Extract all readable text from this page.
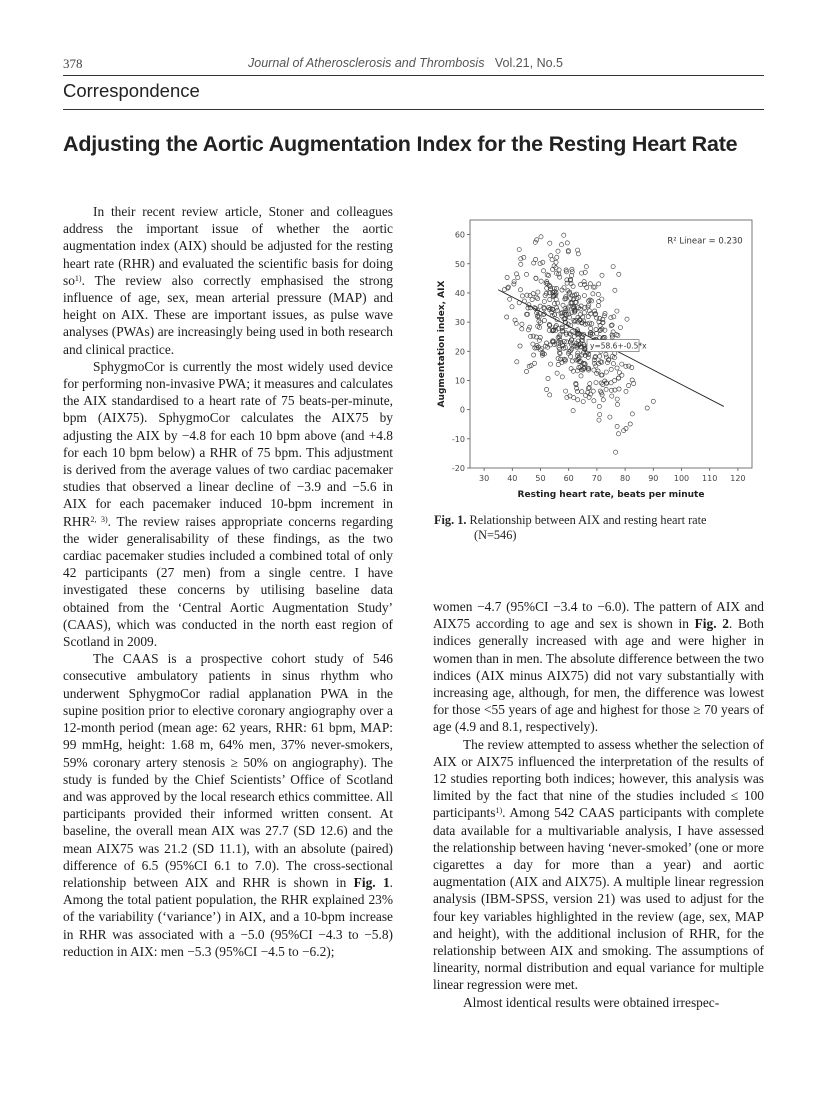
378	Journal of Atherosclerosis and Thrombosis Vol.21, No.5
Correspondence
Adjusting the Aortic Augmentation Index for the Resting Heart Rate

In their recent review article, Stoner and colleagues address the important issue of whether the aortic augmentation index (AIX) should be adjusted for the resting heart rate (RHR) and evaluated the scientific basis for doing so$^{1)}$. The review also correctly emphasised the strong influence of age, sex, mean arterial pressure (MAP) and height on AIX. These are important issues, as pulse wave analyses (PWAs) are increasingly being used in both research and clinical practice.

SphygmoCor is currently the most widely used device for performing non-invasive PWA; it measures and calculates the AIX standardised to a heart rate of 75 beats-per-minute, bpm (AIX75). SphygmoCor calculates the AIX75 by adjusting the AIX by −4.8 for each 10 bpm above (and +4.8 for each 10 bpm below) a RHR of 75 bpm. This adjustment is derived from the average values of two cardiac pacemaker studies that observed a linear decline of −3.9 and −5.6 in AIX for each pacemaker induced 10-bpm increment in RHR$^{2, 3)}$. The review raises appropriate concerns regarding the wider generalisability of these findings, as the two cardiac pacemaker studies included a combined total of only 42 participants (27 men) from a single centre. I have investigated these concerns by utilising baseline data obtained from the ‘Central Aortic Augmentation Study’ (CAAS), which was conducted in the north east region of Scotland in 2009.

The CAAS is a prospective cohort study of 546 consecutive ambulatory patients in sinus rhythm who underwent SphygmoCor radial applanation PWA in the supine position prior to elective coronary angiography over a 12-month period (mean age: 62 years, RHR: 61 bpm, MAP: 99 mmHg, height: 1.68 m, 64% men, 37% never-smokers, 59% coronary artery stenosis ≥ 50% on angiography). The study is funded by the Chief Scientists’ Office of Scotland and was approved by the local research ethics committee. All participants provided their informed written consent. At baseline, the overall mean AIX was 27.7 (SD 12.6) and the mean AIX75 was 21.2 (SD 11.1), with an absolute (paired) difference of 6.5 (95%CI 6.1 to 7.0). The cross-sectional relationship between AIX and RHR is shown in Fig. 1. Among the total patient population, the RHR explained 23% of the variability (‘variance’) in AIX, and a 10-bpm increase in RHR was associated with a −5.0 (95%CI −4.3 to −5.8) reduction in AIX: men −5.3 (95%CI −4.5 to −6.2);

60
50
40
30
20
10
0
-10
-20
30 40 50 60 70 80 90 100 110 120
Resting heart rate, beats per minute
Augmentation index, AIX	y=58.6+-0.5*x
R² Linear = 0.230
Fig. 1. Relationship between AIX and resting heart rate
(N=546)

women −4.7 (95%CI −3.4 to −6.0). The pattern of AIX and AIX75 according to age and sex is shown in Fig. 2. Both indices generally increased with age and were higher in women than in men. The absolute difference between the two indices (AIX minus AIX75) did not vary substantially with increasing age, although, for men, the difference was lowest for those <55 years of age and highest for those ≥ 70 years of age (4.9 and 8.1, respectively).

The review attempted to assess whether the selection of AIX or AIX75 influenced the interpretation of the results of 12 studies reporting both indices; however, this analysis was limited by the fact that nine of the studies included ≤ 100 participants$^{1)}$. Among 542 CAAS participants with complete data available for a multivariable analysis, I have assessed the relationship between having ‘never-smoked’ (one or more cigarettes a day for more than a year) and aortic augmentation (AIX and AIX75). A multiple linear regression analysis (IBM-SPSS, version 21) was used to adjust for the four key variables highlighted in the review (age, sex, MAP and height), with the additional inclusion of RHR, for the relationship between AIX and smoking. The assumptions of linearity, normal distribution and equal variance for multiple linear regression were met.

Almost identical results were obtained irrespec-
